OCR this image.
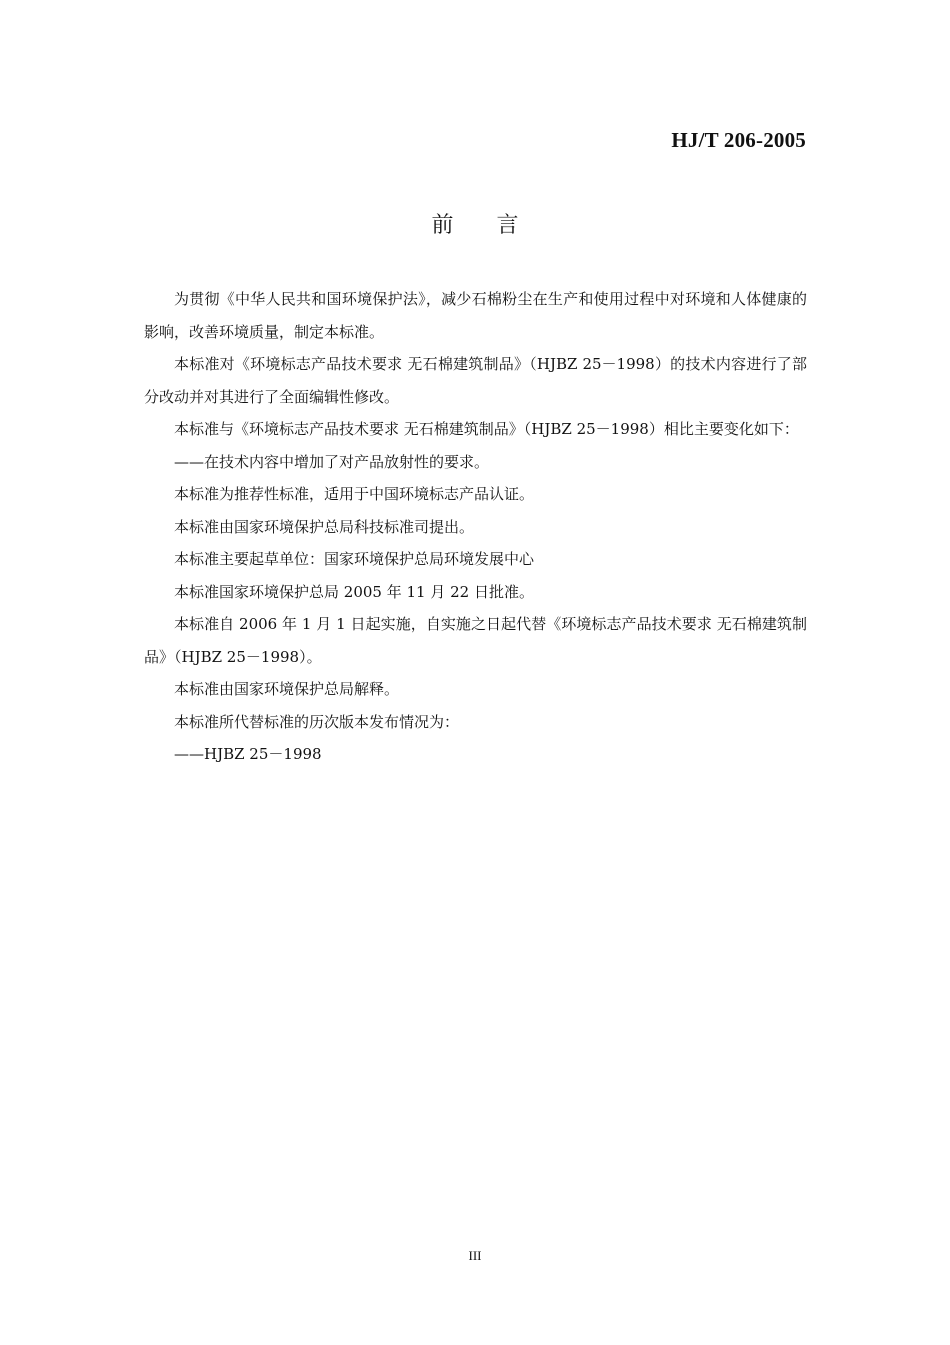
HJ/T 206-2005
前 言

为贯彻《中华人民共和国环境保护法》，减少石棉粉尘在生产和使用过程中对环境和人体健康的影响，改善环境质量，制定本标准。

本标准对《环境标志产品技术要求 无石棉建筑制品》（HJBZ 25－1998）的技术内容进行了部分改动并对其进行了全面编辑性修改。

本标准与《环境标志产品技术要求 无石棉建筑制品》（HJBZ 25－1998）相比主要变化如下：

——在技术内容中增加了对产品放射性的要求。

本标准为推荐性标准，适用于中国环境标志产品认证。

本标准由国家环境保护总局科技标准司提出。

本标准主要起草单位：国家环境保护总局环境发展中心

本标准国家环境保护总局 2005 年 11 月 22 日批准。

本标准自 2006 年 1 月 1 日起实施，自实施之日起代替《环境标志产品技术要求 无石棉建筑制品》（HJBZ 25－1998）。

本标准由国家环境保护总局解释。

本标准所代替标准的历次版本发布情况为：

——HJBZ 25－1998

III
